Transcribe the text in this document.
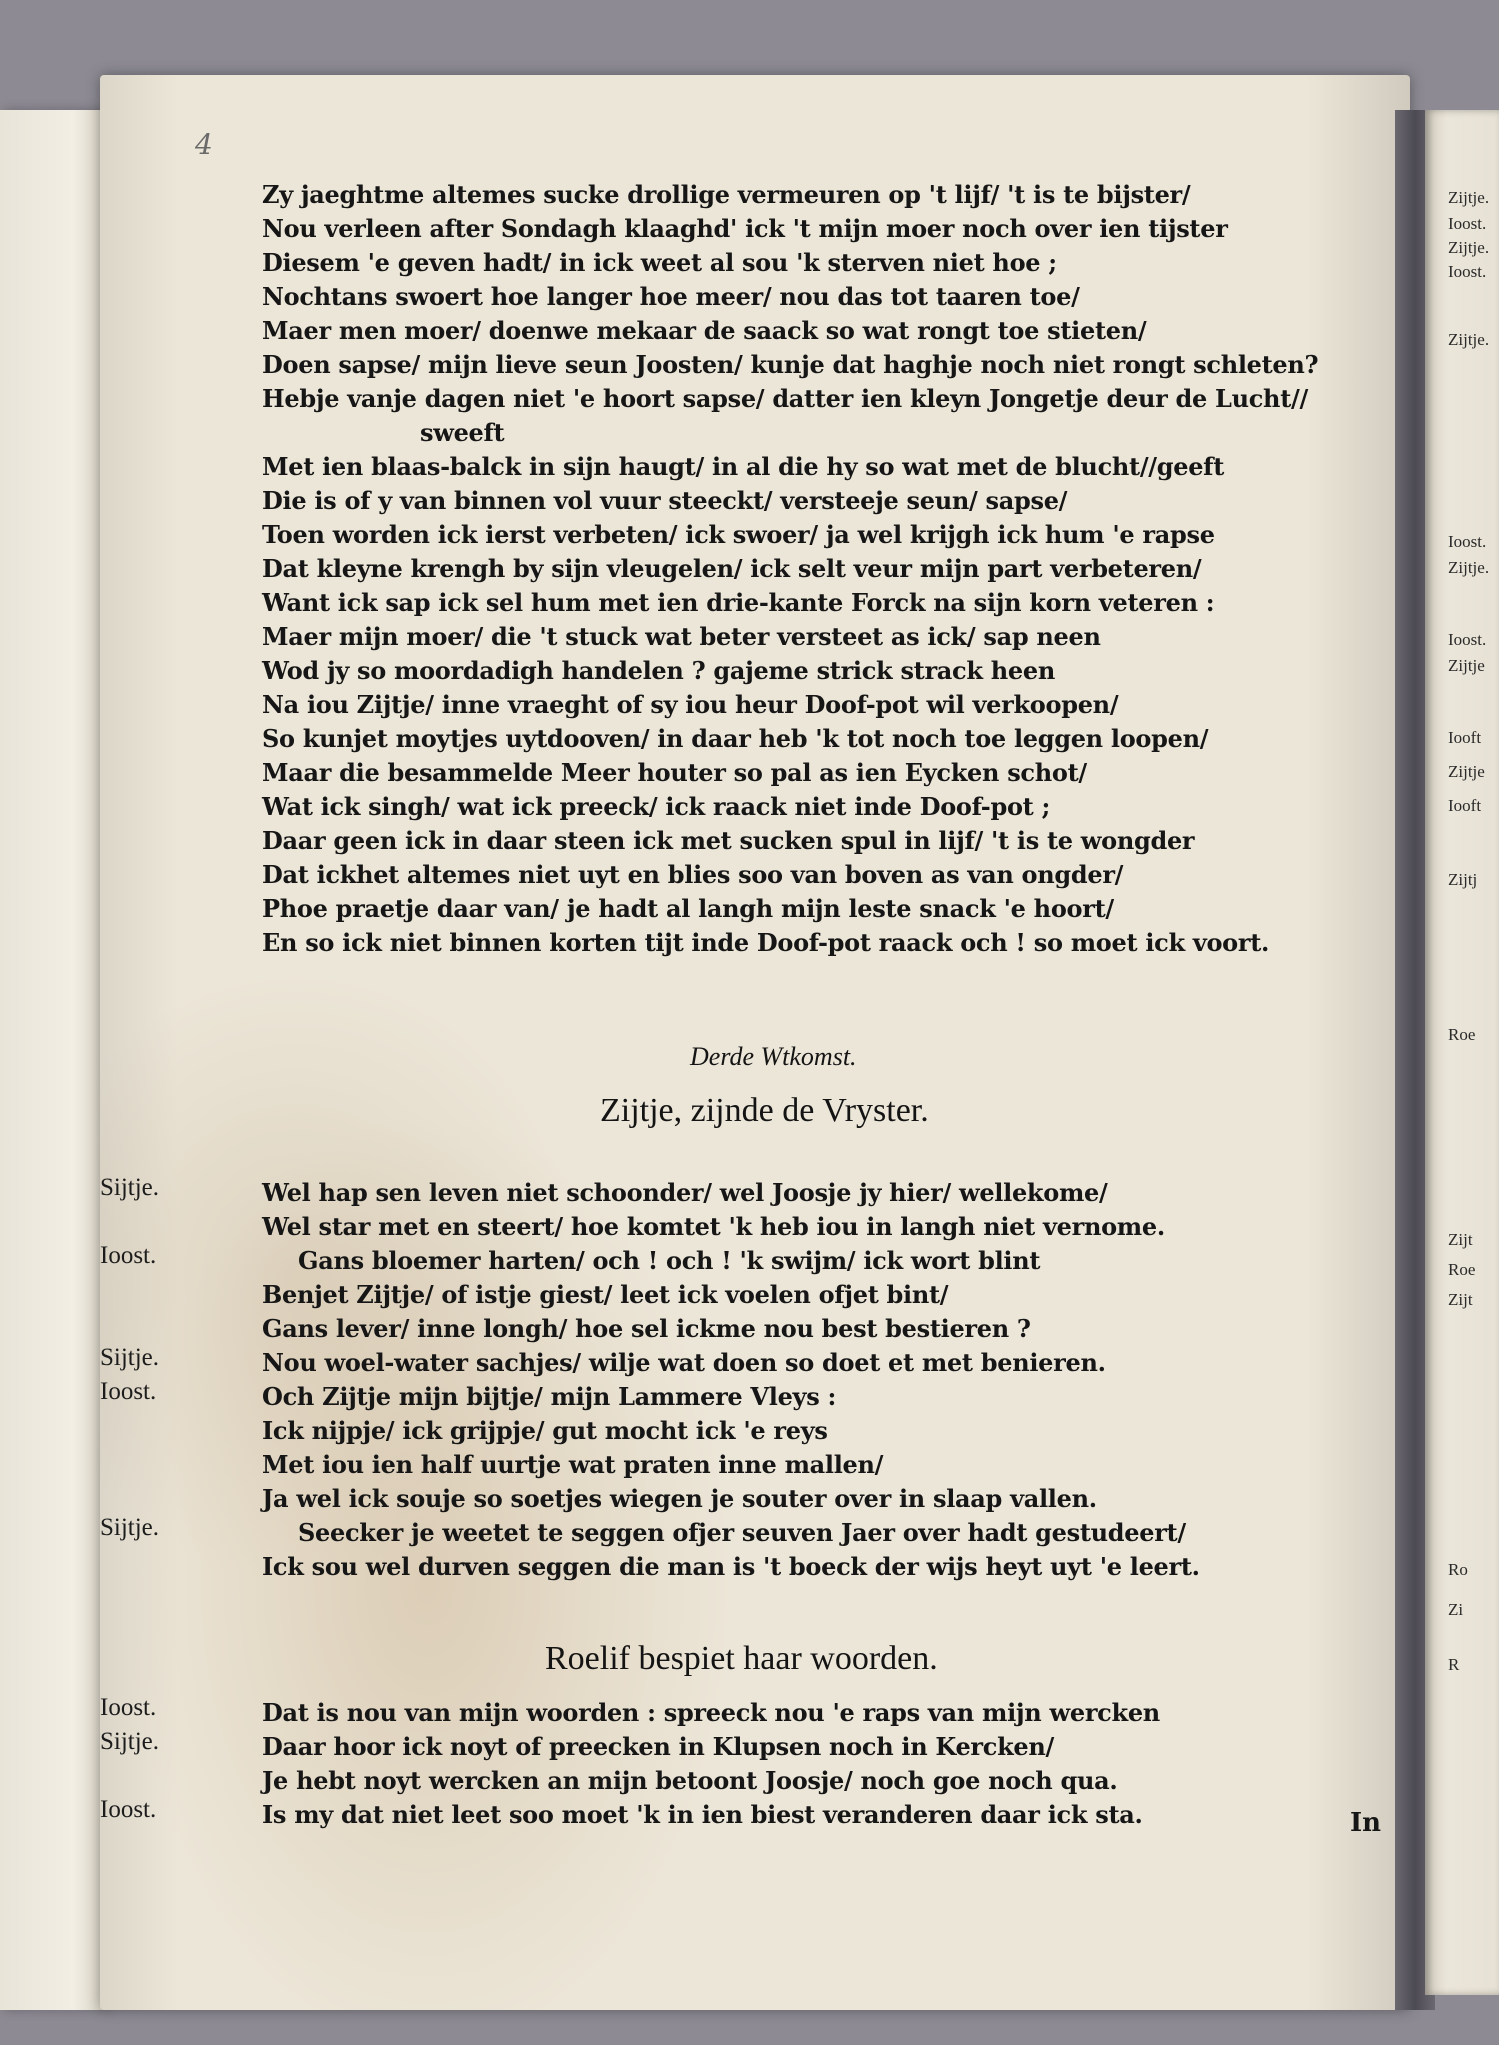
Zijtje.
Ioost.
Zijtje.
Ioost.
Zijtje.
Ioost.
Zijtje.
Ioost.
Zijtje
Iooft
Zijtje
Iooft
Zijtj
Roe
Zijt
Roe
Zijt
Ro
Zi
R
4
Zy jaeghtme altemes sucke drollige vermeuren op 't lijf/ 't is te bijster/
Nou verleen after Sondagh klaaghd' ick 't mijn moer noch over ien tijster
Diesem 'e geven hadt/ in ick weet al sou 'k sterven niet hoe ;
Nochtans swoert hoe langer hoe meer/ nou das tot taaren toe/
Maer men moer/ doenwe mekaar de saack so wat rongt toe stieten/
Doen sapse/ mijn lieve seun Joosten/ kunje dat haghje noch niet rongt schleten?
Hebje vanje dagen niet 'e hoort sapse/ datter ien kleyn Jongetje deur de Lucht//
sweeft
Met ien blaas-balck in sijn haugt/ in al die hy so wat met de blucht//geeft
Die is of y van binnen vol vuur steeckt/ versteeje seun/ sapse/
Toen worden ick ierst verbeten/ ick swoer/ ja wel krijgh ick hum 'e rapse
Dat kleyne krengh by sijn vleugelen/ ick selt veur mijn part verbeteren/
Want ick sap ick sel hum met ien drie-kante Forck na sijn korn veteren :
Maer mijn moer/ die 't stuck wat beter versteet as ick/ sap neen
Wod jy so moordadigh handelen ? gajeme strick strack heen
Na iou Zijtje/ inne vraeght of sy iou heur Doof-pot wil verkoopen/
So kunjet moytjes uytdooven/ in daar heb 'k tot noch toe leggen loopen/
Maar die besammelde Meer houter so pal as ien Eycken schot/
Wat ick singh/ wat ick preeck/ ick raack niet inde Doof-pot ;
Daar geen ick in daar steen ick met sucken spul in lijf/ 't is te wongder
Dat ickhet altemes niet uyt en blies soo van boven as van ongder/
Phoe praetje daar van/ je hadt al langh mijn leste snack 'e hoort/
En so ick niet binnen korten tijt inde Doof-pot raack och ! so moet ick voort.
Derde Wtkomst.
Zijtje, zijnde de Vryster.
Sijtje.	Wel hap sen leven niet schoonder/ wel Joosje jy hier/ wellekome/
Wel star met en steert/ hoe komtet 'k heb iou in langh niet vernome.
Ioost.	Gans bloemer harten/ och ! och ! 'k swijm/ ick wort blint
Benjet Zijtje/ of istje giest/ leet ick voelen ofjet bint/
Gans lever/ inne longh/ hoe sel ickme nou best bestieren ?
Sijtje.	Nou woel-water sachjes/ wilje wat doen so doet et met benieren.
Ioost.	Och Zijtje mijn bijtje/ mijn Lammere Vleys :
Ick nijpje/ ick grijpje/ gut mocht ick 'e reys
Met iou ien half uurtje wat praten inne mallen/
Ja wel ick souje so soetjes wiegen je souter over in slaap vallen.
Sijtje.	Seecker je weetet te seggen ofjer seuven Jaer over hadt gestudeert/
Ick sou wel durven seggen die man is 't boeck der wijs heyt uyt 'e leert.
Roelif bespiet haar woorden.
Ioost.	Dat is nou van mijn woorden : spreeck nou 'e raps van mijn wercken
Sijtje.	Daar hoor ick noyt of preecken in Klupsen noch in Kercken/
Je hebt noyt wercken an mijn betoont Joosje/ noch goe noch qua.
Ioost.	Is my dat niet leet soo moet 'k in ien biest veranderen daar ick sta.	In
